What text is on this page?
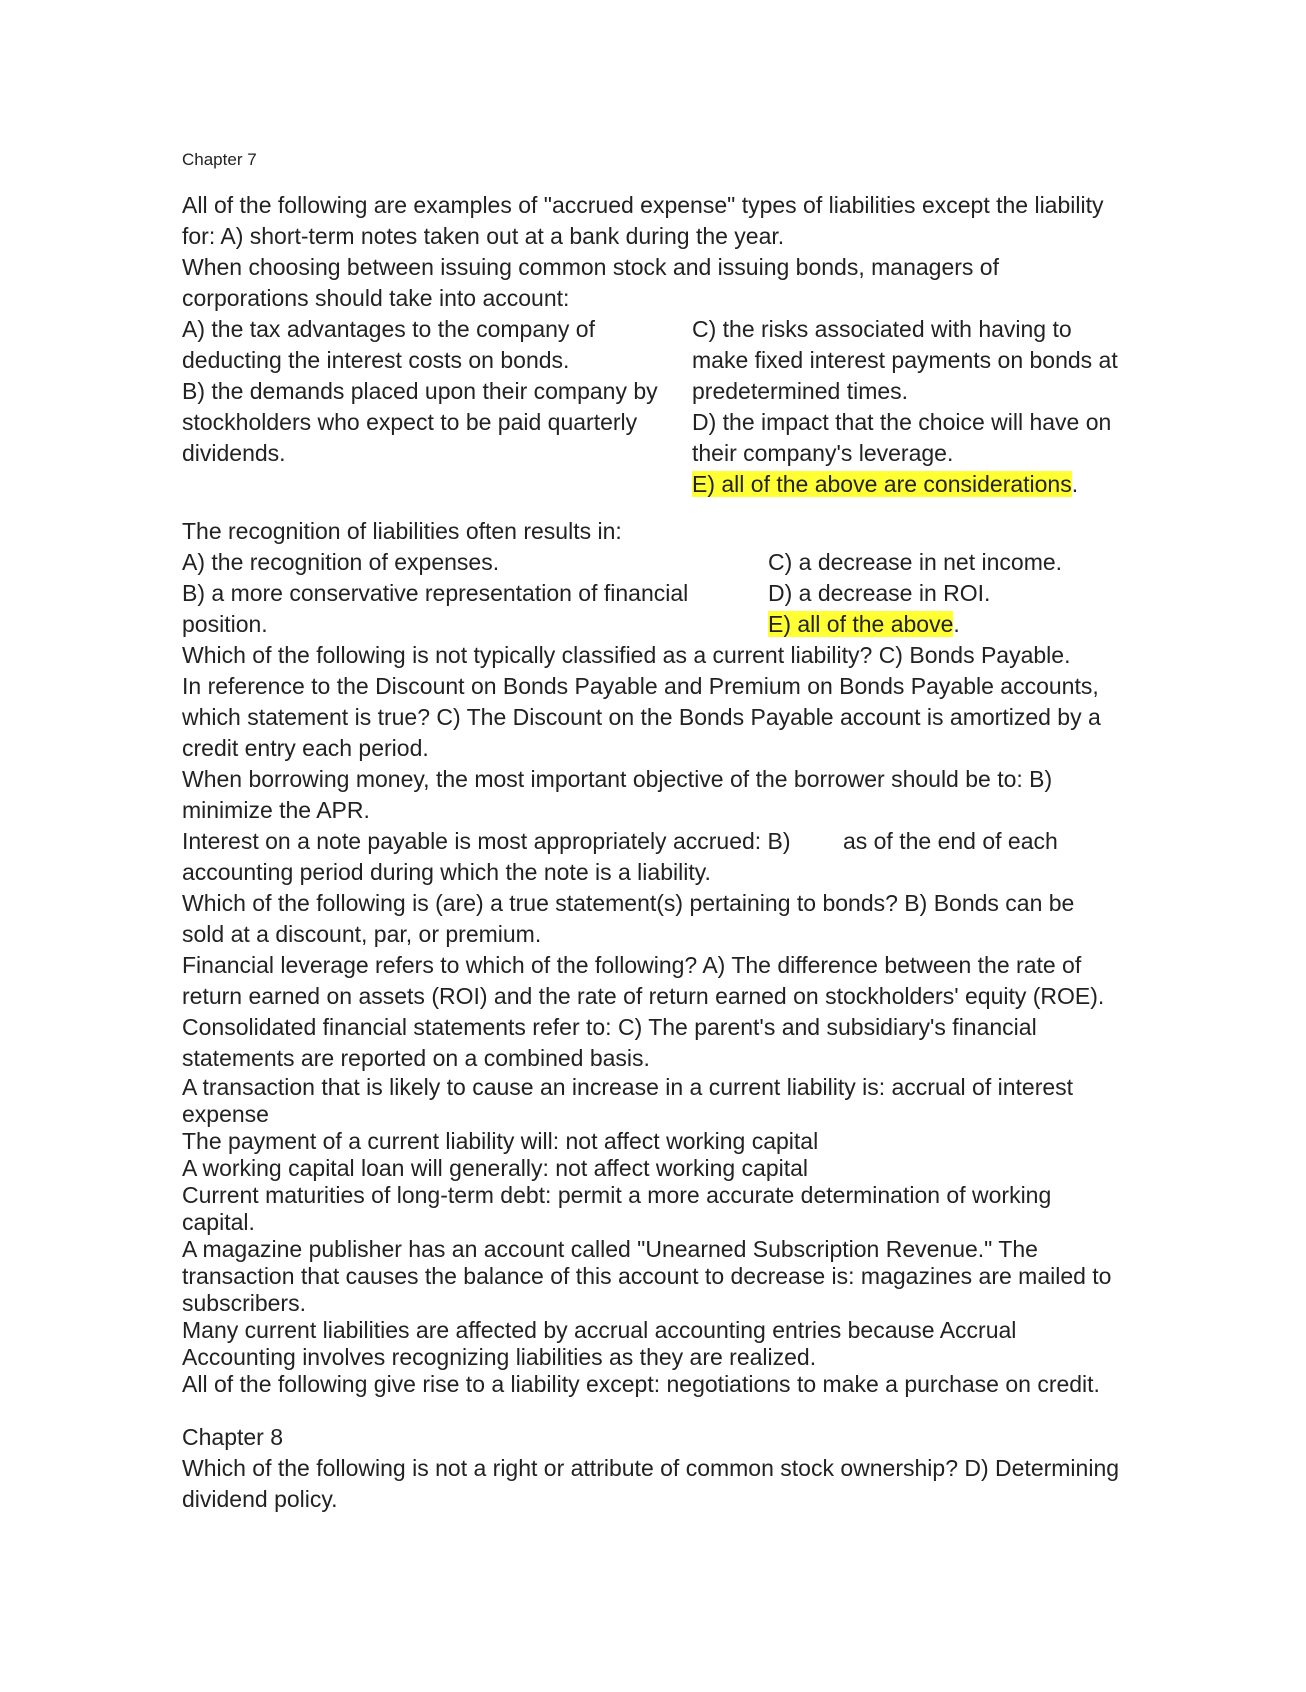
Chapter 7

All of the following are examples of "accrued expense" types of liabilities except the liability for: A) short-term notes taken out at a bank during the year.

When choosing between issuing common stock and issuing bonds, managers of corporations should take into account:

A) the tax advantages to the company of deducting the interest costs on bonds.

B) the demands placed upon their company by stockholders who expect to be paid quarterly dividends.

C) the risks associated with having to make fixed interest payments on bonds at predetermined times.

D) the impact that the choice will have on their company's leverage.

E) all of the above are considerations.

The recognition of liabilities often results in:

A) the recognition of expenses.

B) a more conservative representation of financial position.

C) a decrease in net income.

D) a decrease in ROI.

E) all of the above.

Which of the following is not typically classified as a current liability? C) Bonds Payable.

In reference to the Discount on Bonds Payable and Premium on Bonds Payable accounts, which statement is true? C) The Discount on the Bonds Payable account is amortized by a credit entry each period.

When borrowing money, the most important objective of the borrower should be to: B) minimize the APR.

Interest on a note payable is most appropriately accrued: B)   as of the end of each accounting period during which the note is a liability.

Which of the following is (are) a true statement(s) pertaining to bonds? B) Bonds can be sold at a discount, par, or premium.

Financial leverage refers to which of the following? A) The difference between the rate of return earned on assets (ROI) and the rate of return earned on stockholders' equity (ROE).

Consolidated financial statements refer to: C) The parent's and subsidiary's financial statements are reported on a combined basis.

A transaction that is likely to cause an increase in a current liability is: accrual of interest expense

The payment of a current liability will: not affect working capital

A working capital loan will generally: not affect working capital

Current maturities of long-term debt: permit a more accurate determination of working capital.

A magazine publisher has an account called "Unearned Subscription Revenue." The transaction that causes the balance of this account to decrease is: magazines are mailed to subscribers.

Many current liabilities are affected by accrual accounting entries because Accrual Accounting involves recognizing liabilities as they are realized.

All of the following give rise to a liability except: negotiations to make a purchase on credit.

Chapter 8

Which of the following is not a right or attribute of common stock ownership? D) Determining dividend policy.
